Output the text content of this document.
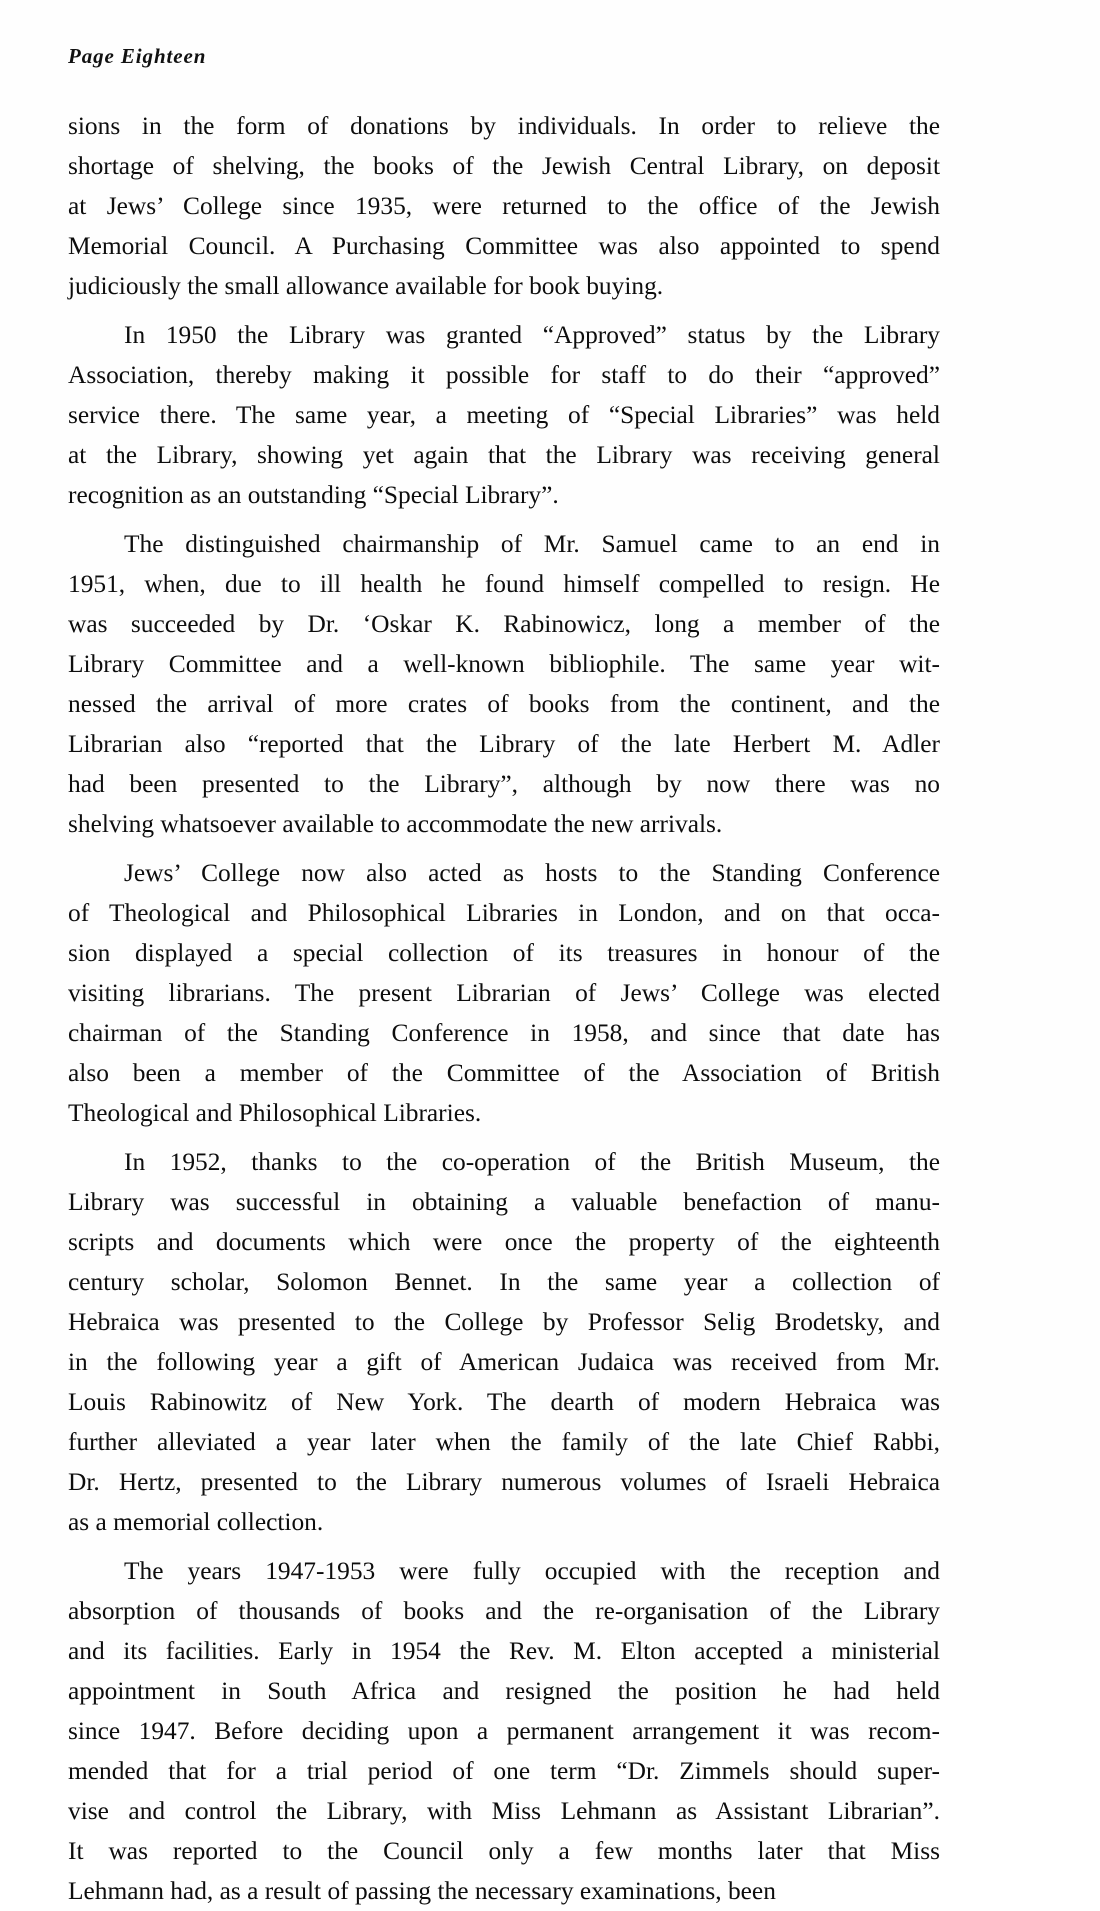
Page Eighteen

sions in the form of donations by individuals. In order to relieve the
shortage of shelving, the books of the Jewish Central Library, on deposit
at Jews’ College since 1935, were returned to the office of the Jewish
Memorial Council. A Purchasing Committee was also appointed to spend
judiciously the small allowance available for book buying.

In 1950 the Library was granted “Approved” status by the Library
Association, thereby making it possible for staff to do their “approved”
service there. The same year, a meeting of “Special Libraries” was held
at the Library, showing yet again that the Library was receiving general
recognition as an outstanding “Special Library”.

The distinguished chairmanship of Mr. Samuel came to an end in
1951, when, due to ill health he found himself compelled to resign. He
was succeeded by Dr. ‘Oskar K. Rabinowicz, long a member of the
Library Committee and a well-known bibliophile. The same year wit-
nessed the arrival of more crates of books from the continent, and the
Librarian also “reported that the Library of the late Herbert M. Adler
had been presented to the Library”, although by now there was no
shelving whatsoever available to accommodate the new arrivals.

Jews’ College now also acted as hosts to the Standing Conference
of Theological and Philosophical Libraries in London, and on that occa-
sion displayed a special collection of its treasures in honour of the
visiting librarians. The present Librarian of Jews’ College was elected
chairman of the Standing Conference in 1958, and since that date has
also been a member of the Committee of the Association of British
Theological and Philosophical Libraries.

In 1952, thanks to the co-operation of the British Museum, the
Library was successful in obtaining a valuable benefaction of manu-
scripts and documents which were once the property of the eighteenth
century scholar, Solomon Bennet. In the same year a collection of
Hebraica was presented to the College by Professor Selig Brodetsky, and
in the following year a gift of American Judaica was received from Mr.
Louis Rabinowitz of New York. The dearth of modern Hebraica was
further alleviated a year later when the family of the late Chief Rabbi,
Dr. Hertz, presented to the Library numerous volumes of Israeli Hebraica
as a memorial collection.

The years 1947-1953 were fully occupied with the reception and
absorption of thousands of books and the re-organisation of the Library
and its facilities. Early in 1954 the Rev. M. Elton accepted a ministerial
appointment in South Africa and resigned the position he had held
since 1947. Before deciding upon a permanent arrangement it was recom-
mended that for a trial period of one term “Dr. Zimmels should super-
vise and control the Library, with Miss Lehmann as Assistant Librarian”.
It was reported to the Council only a few months later that Miss
Lehmann had, as a result of passing the necessary examinations, been
